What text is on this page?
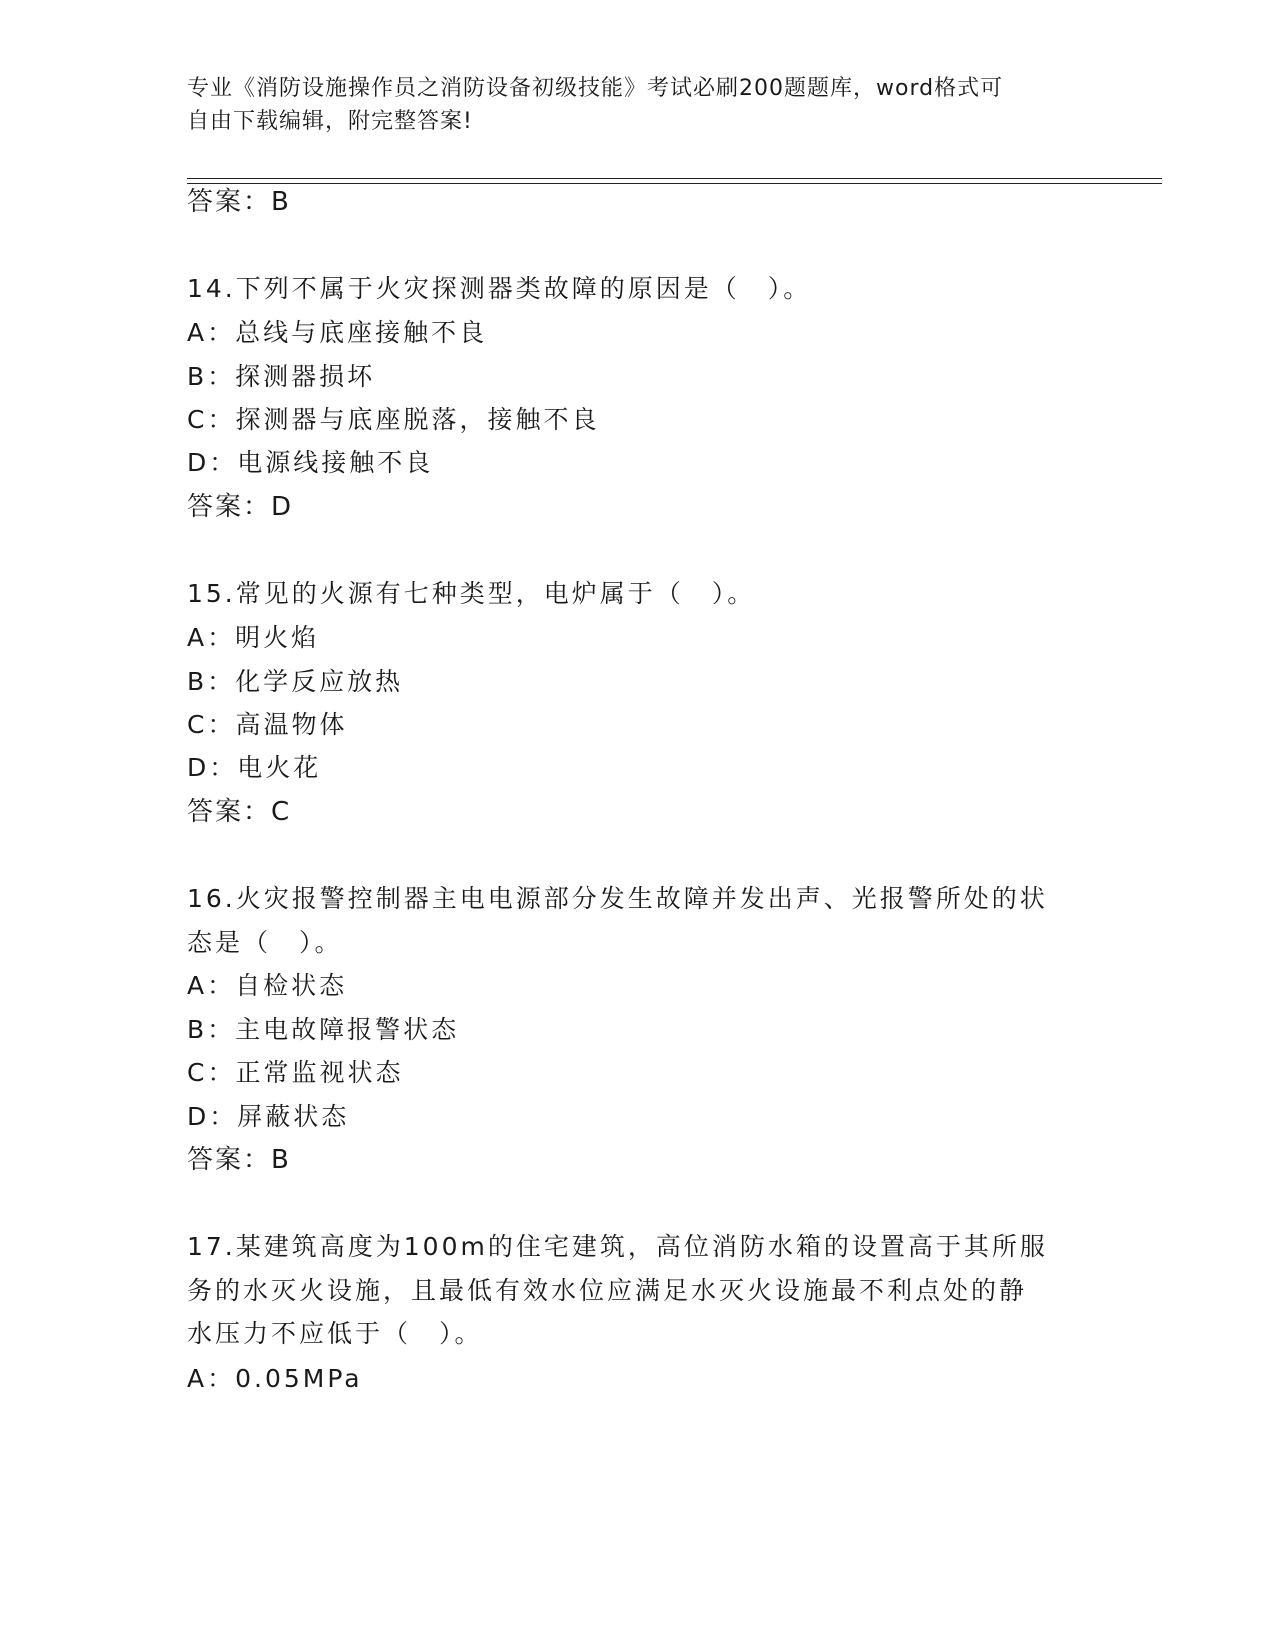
专业《消防设施操作员之消防设备初级技能》考试必刷200题题库，word格式可
自由下载编辑，附完整答案!
答案：B
14.下列不属于火灾探测器类故障的原因是（　）。
A：总线与底座接触不良
B：探测器损坏
C：探测器与底座脱落，接触不良
D：电源线接触不良
答案：D
15.常见的火源有七种类型，电炉属于（　）。
A：明火焰
B：化学反应放热
C：高温物体
D：电火花
答案：C
16.火灾报警控制器主电电源部分发生故障并发出声、光报警所处的状
态是（　）。
A：自检状态
B：主电故障报警状态
C：正常监视状态
D：屏蔽状态
答案：B
17.某建筑高度为100m的住宅建筑，高位消防水箱的设置高于其所服
务的水灭火设施，且最低有效水位应满足水灭火设施最不利点处的静
水压力不应低于（　）。
A：0.05MPa
